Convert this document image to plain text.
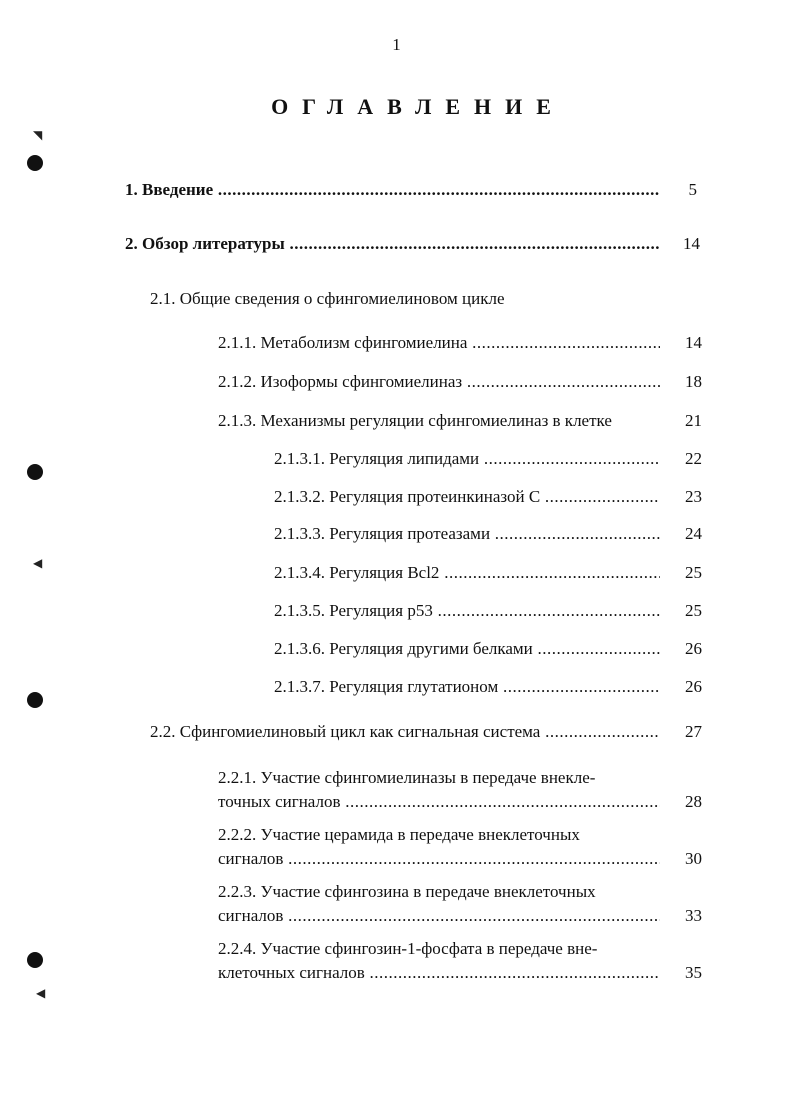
1
ОГЛАВЛЕНИЕ
◥
◀
◀
1. Введение .....	5
2. Обзор литературы .....	14
2.1. Общие сведения о сфингомиелиновом цикле
2.1.1. Метаболизм сфингомиелина .....	14
2.1.2. Изоформы сфингомиелиназ .....	18
2.1.3. Механизмы регуляции сфингомиелиназ в клетке	21
2.1.3.1. Регуляция липидами .....	22
2.1.3.2. Регуляция протеинкиназой С .....	23
2.1.3.3. Регуляция протеазами .....	24
2.1.3.4. Регуляция Bcl2 .....	25
2.1.3.5. Регуляция p53 .....	25
2.1.3.6. Регуляция другими белками .....	26
2.1.3.7. Регуляция глутатионом .....	26
2.2. Сфингомиелиновый цикл как сигнальная система .....	27
2.2.1. Участие сфингомиелиназы в передаче внекле-
точных сигналов .....	28
2.2.2. Участие церамида в передаче внеклеточных
сигналов .....	30
2.2.3. Участие сфингозина в передаче внеклеточных
сигналов .....	33
2.2.4. Участие сфингозин-1-фосфата в передаче вне-
клеточных сигналов .....	35
